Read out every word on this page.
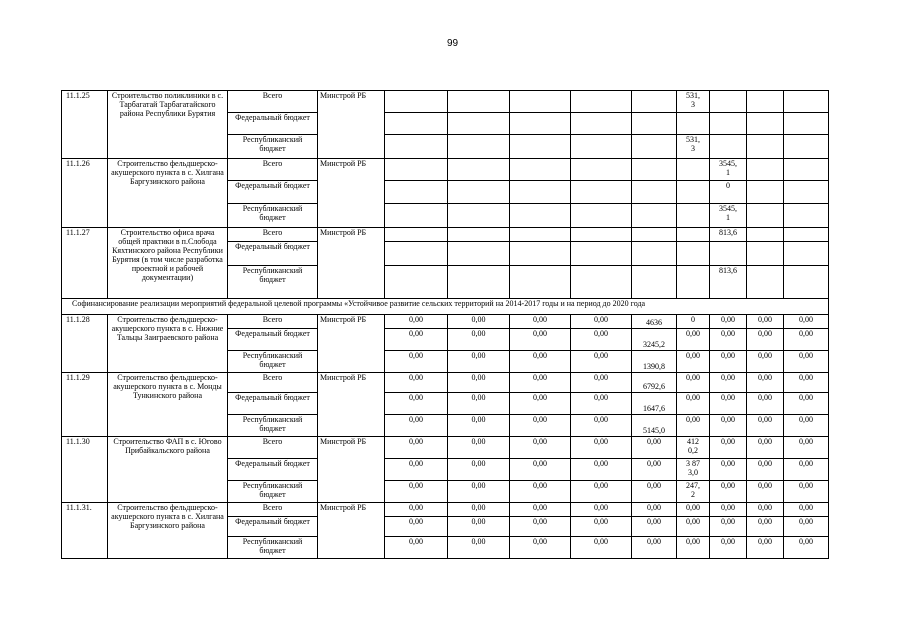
99
11.1.25	Строительство поликлиники в с. Тарбагатай Тарбагатайского района Республики Бурятия	Всего	Минстрой РБ						531,
3			
		Федеральный бюджет										
		Республиканский бюджет							531,
3			
11.1.26	Строительство фельдшерско-акушерского пункта в с. Хилгана Баргузинского района	Всего	Минстрой РБ							3545,
1		
		Федеральный бюджет								0		
		Республиканский бюджет								3545,
1		
11.1.27	Строительство офиса врача общей практики в п.Слобода Кяхтинского района Республики Бурятия (в том числе разработка проектной и рабочей документации)	Всего	Минстрой РБ							813,6		
		Федеральный бюджет										
		Республиканский бюджет								813,6		
Софинансирование реализации мероприятий федеральной целевой программы «Устойчивое развитие сельских территорий на 2014-2017 годы и на период до 2020 года												
11.1.28	Строительство фельдшерско-акушерского пункта в с. Нижние Тальцы Заиграевского района	Всего	Минстрой РБ	0,00	0,00	0,00	0,00	4636	0	0,00	0,00	0,00
		Федеральный бюджет		0,00	0,00	0,00	0,00	3245,2	0,00	0,00	0,00	0,00
		Республиканский бюджет		0,00	0,00	0,00	0,00	1390,8	0,00	0,00	0,00	0,00
11.1.29	Строительство фельдшерско-акушерского пункта в с. Монды Тункинского района	Всего	Минстрой РБ	0,00	0,00	0,00	0,00	6792,6	0,00	0,00	0,00	0,00
		Федеральный бюджет		0,00	0,00	0,00	0,00	1647,6	0,00	0,00	0,00	0,00
		Республиканский бюджет		0,00	0,00	0,00	0,00	5145,0	0,00	0,00	0,00	0,00
11.1.30	Строительство ФАП в с. Югово Прибайкальского района	Всего	Минстрой РБ	0,00	0,00	0,00	0,00	0,00	412
0,2	0,00	0,00	0,00
		Федеральный бюджет		0,00	0,00	0,00	0,00	0,00	3 87
3,0	0,00	0,00	0,00
		Республиканский бюджет		0,00	0,00	0,00	0,00	0,00	247,
2	0,00	0,00	0,00
11.1.31.	Строительство фельдшерско-акушерского пункта в с. Хилгана Баргузинского района	Всего	Минстрой РБ	0,00	0,00	0,00	0,00	0,00	0,00	0,00	0,00	0,00
		Федеральный бюджет		0,00	0,00	0,00	0,00	0,00	0,00	0,00	0,00	0,00
		Республиканский бюджет		0,00	0,00	0,00	0,00	0,00	0,00	0,00	0,00	0,00
